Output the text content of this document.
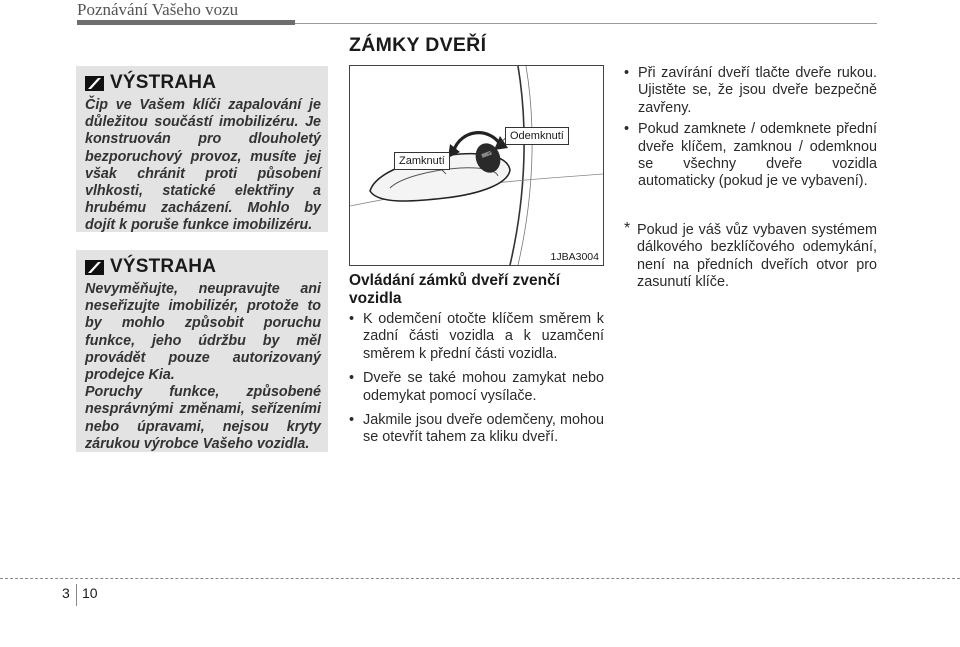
Poznávání Vašeho vozu
VÝSTRAHA

Čip ve Vašem klíči zapalování je důležitou součástí imobilizéru. Je konstruován pro dlouholetý bezporuchový provoz, musíte jej však chránit proti působení vlhkosti, statické elektřiny a hrubému zacházení. Mohlo by dojít k poruše funkce imobilizéru.

VÝSTRAHA

Nevyměňujte, neupravujte ani neseřizujte imobilizér, protože to by mohlo způsobit poruchu funkce, jeho údržbu by měl provádět pouze autorizovaný prodejce Kia.

Poruchy funkce, způsobené nesprávnými změnami, seřízeními nebo úpravami, nejsou kryty zárukou výrobce Vašeho vozidla.

ZÁMKY DVEŘÍ
Zamknutí
Odemknutí
1JBA3004
Ovládání zámků dveří zvenčí vozidla
• K odemčení otočte klíčem směrem k zadní části vozidla a k uzamčení směrem k přední části vozidla.
• Dveře se také mohou zamykat nebo odemykat pomocí vysílače.
• Jakmile jsou dveře odemčeny, mohou se otevřít tahem za kliku dveří.
• Při zavírání dveří tlačte dveře rukou. Ujistěte se, že jsou dveře bezpečně zavřeny.
• Pokud zamknete / odemknete přední dveře klíčem, zamknou / odemknou se všechny dveře vozidla automaticky (pokud je ve vybavení).
* Pokud je váš vůz vybaven systémem dálkového bezklíčového odemykání, není na předních dveřích otvor pro zasunutí klíče.
3 10
